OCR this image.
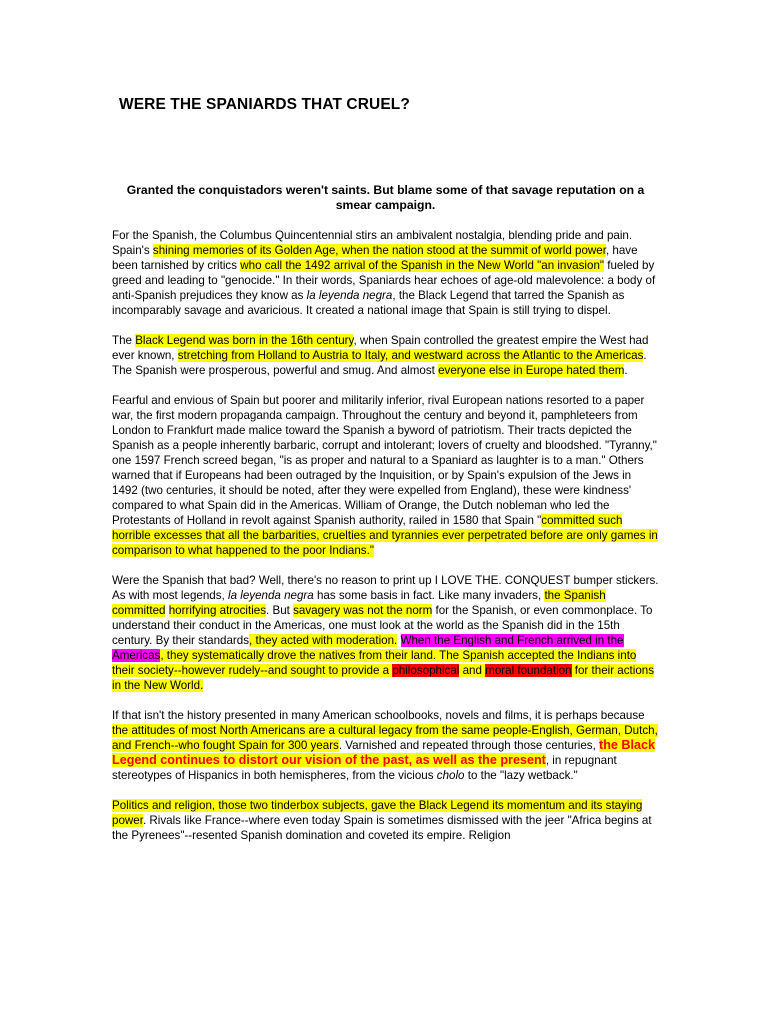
WERE THE SPANIARDS THAT CRUEL?

Granted the conquistadors weren't saints. But blame some of that savage reputation on a smear campaign.

For the Spanish, the Columbus Quincentennial stirs an ambivalent nostalgia, blending pride and pain. Spain's shining memories of its Golden Age, when the nation stood at the summit of world power, have been tarnished by critics who call the 1492 arrival of the Spanish in the New World "an invasion" fueled by greed and leading to "genocide." In their words, Spaniards hear echoes of age-old malevolence: a body of anti-Spanish prejudices they know as la leyenda negra, the Black Legend that tarred the Spanish as incomparably savage and avaricious. It created a national image that Spain is still trying to dispel.

The Black Legend was born in the 16th century, when Spain controlled the greatest empire the West had ever known, stretching from Holland to Austria to Italy, and westward across the Atlantic to the Americas. The Spanish were prosperous, powerful and smug. And almost everyone else in Europe hated them.

Fearful and envious of Spain but poorer and militarily inferior, rival European nations resorted to a paper war, the first modern propaganda campaign. Throughout the century and beyond it, pamphleteers from London to Frankfurt made malice toward the Spanish a byword of patriotism. Their tracts depicted the Spanish as a people inherently barbaric, corrupt and intolerant; lovers of cruelty and bloodshed. "Tyranny," one 1597 French screed began, "is as proper and natural to a Spaniard as laughter is to a man." Others warned that if Europeans had been outraged by the Inquisition, or by Spain's expulsion of the Jews in 1492 (two centuries, it should be noted, after they were expelled from England), these were kindness' compared to what Spain did in the Americas. William of Orange, the Dutch nobleman who led the Protestants of Holland in revolt against Spanish authority, railed in 1580 that Spain "committed such horrible excesses that all the barbarities, cruelties and tyrannies ever perpetrated before are only games in comparison to what happened to the poor Indians."

Were the Spanish that bad? Well, there's no reason to print up I LOVE THE. CONQUEST bumper stickers. As with most legends, la leyenda negra has some basis in fact. Like many invaders, the Spanish committed horrifying atrocities. But savagery was not the norm for the Spanish, or even commonplace. To understand their conduct in the Americas, one must look at the world as the Spanish did in the 15th century. By their standards, they acted with moderation. When the English and French arrived in the Americas, they systematically drove the natives from their land. The Spanish accepted the Indians into their society--however rudely--and sought to provide a philosophical and moral foundation for their actions in the New World.

If that isn't the history presented in many American schoolbooks, novels and films, it is perhaps because the attitudes of most North Americans are a cultural legacy from the same people-English, German, Dutch, and French--who fought Spain for 300 years. Varnished and repeated through those centuries, the Black Legend continues to distort our vision of the past, as well as the present, in repugnant stereotypes of Hispanics in both hemispheres, from the vicious cholo to the "lazy wetback."

Politics and religion, those two tinderbox subjects, gave the Black Legend its momentum and its staying power. Rivals like France--where even today Spain is sometimes dismissed with the jeer "Africa begins at the Pyrenees"--resented Spanish domination and coveted its empire. Religion
